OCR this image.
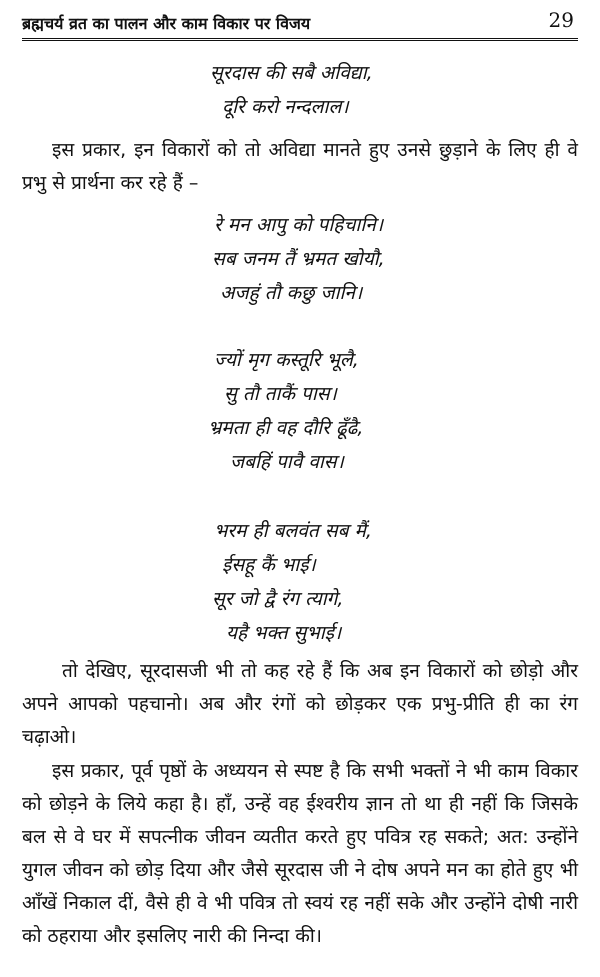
ब्रह्मचर्य व्रत का पालन और काम विकार पर विजय	29
सूरदास की सबै अविद्या,
दूरि करो नन्दलाल।

इस प्रकार, इन विकारों को तो अविद्या मानते हुए उनसे छुड़ाने के लिए ही वे प्रभु से प्रार्थना कर रहे हैं –

रे मन आपु को पहिचानि।
सब जनम तैं भ्रमत खोयौ,
अजहुं तौ कछु जानि।
ज्यों मृग कस्तूरि भूलै,
सु तौ ताकैं पास।
भ्रमता ही वह दौरि ढूँढै,
जबहिं पावै वास।
भरम ही बलवंत सब मैं,
ईसहू कैं भाई।
सूर जो द्वै रंग त्यागे,
यहै भक्त सुभाई।

तो देखिए, सूरदासजी भी तो कह रहे हैं कि अब इन विकारों को छोड़ो और अपने आपको पहचानो। अब और रंगों को छोड़कर एक प्रभु-प्रीति ही का रंग चढ़ाओ।

इस प्रकार, पूर्व पृष्ठों के अध्ययन से स्पष्ट है कि सभी भक्तों ने भी काम विकार को छोड़ने के लिये कहा है। हाँ, उन्हें वह ईश्वरीय ज्ञान तो था ही नहीं कि जिसके बल से वे घर में सपत्नीक जीवन व्यतीत करते हुए पवित्र रह सकते; अत: उन्होंने युगल जीवन को छोड़ दिया और जैसे सूरदास जी ने दोष अपने मन का होते हुए भी आँखें निकाल दीं, वैसे ही वे भी पवित्र तो स्वयं रह नहीं सके और उन्होंने दोषी नारी को ठहराया और इसलिए नारी की निन्दा की।
